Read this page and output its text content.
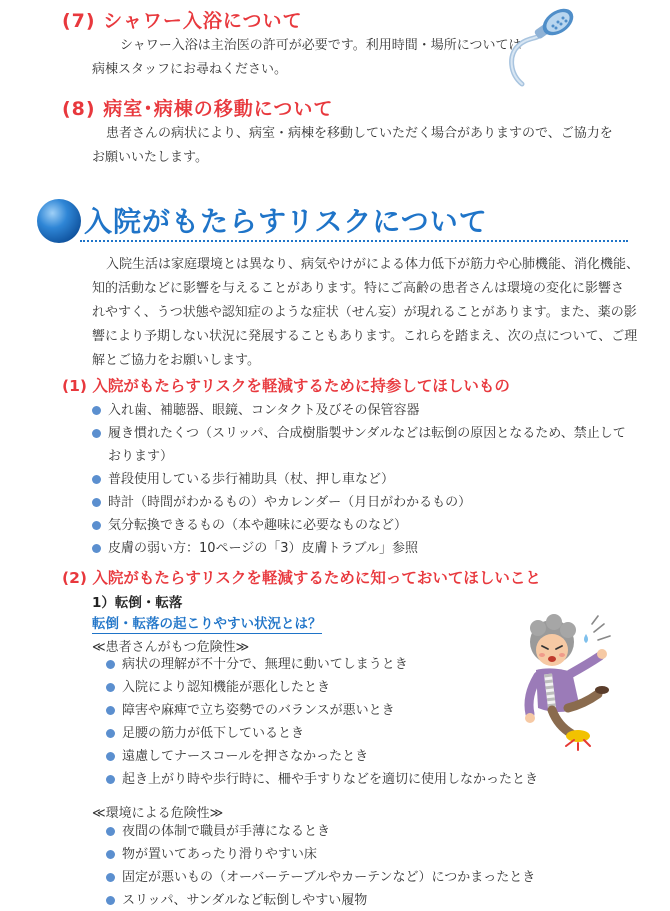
(7) シャワー入浴について
シャワー入浴は主治医の許可が必要です。利用時間・場所については
病棟スタッフにお尋ねください。
(8) 病室･病棟の移動について
患者さんの病状により、病室・病棟を移動していただく場合がありますので、ご協力を
お願いいたします。
入院がもたらすリスクについて
入院生活は家庭環境とは異なり、病気やけがによる体力低下が筋力や心肺機能、消化機能、
知的活動などに影響を与えることがあります。特にご高齢の患者さんは環境の変化に影響さ
れやすく、うつ状態や認知症のような症状（せん妄）が現れることがあります。また、薬の影
響により予期しない状況に発展することもあります。これらを踏まえ、次の点について、ご理
解とご協力をお願いします。
(1) 入院がもたらすリスクを軽減するために持参してほしいもの
入れ歯、補聴器、眼鏡、コンタクト及びその保管容器
履き慣れたくつ（スリッパ、合成樹脂製サンダルなどは転倒の原因となるため、禁止して
おります）
普段使用している歩行補助具（杖、押し車など）
時計（時間がわかるもの）やカレンダー（月日がわかるもの）
気分転換できるもの（本や趣味に必要なものなど）
皮膚の弱い方：10ページの「3）皮膚トラブル」参照
(2) 入院がもたらすリスクを軽減するために知っておいてほしいこと
1）転倒・転落
転倒・転落の起こりやすい状況とは？
≪患者さんがもつ危険性≫
病状の理解が不十分で、無理に動いてしまうとき
入院により認知機能が悪化したとき
障害や麻痺で立ち姿勢でのバランスが悪いとき
足腰の筋力が低下しているとき
遠慮してナースコールを押さなかったとき
起き上がり時や歩行時に、柵や手すりなどを適切に使用しなかったとき
≪環境による危険性≫
夜間の体制で職員が手薄になるとき
物が置いてあったり滑りやすい床
固定が悪いもの（オーバーテーブルやカーテンなど）につかまったとき
スリッパ、サンダルなど転倒しやすい履物
